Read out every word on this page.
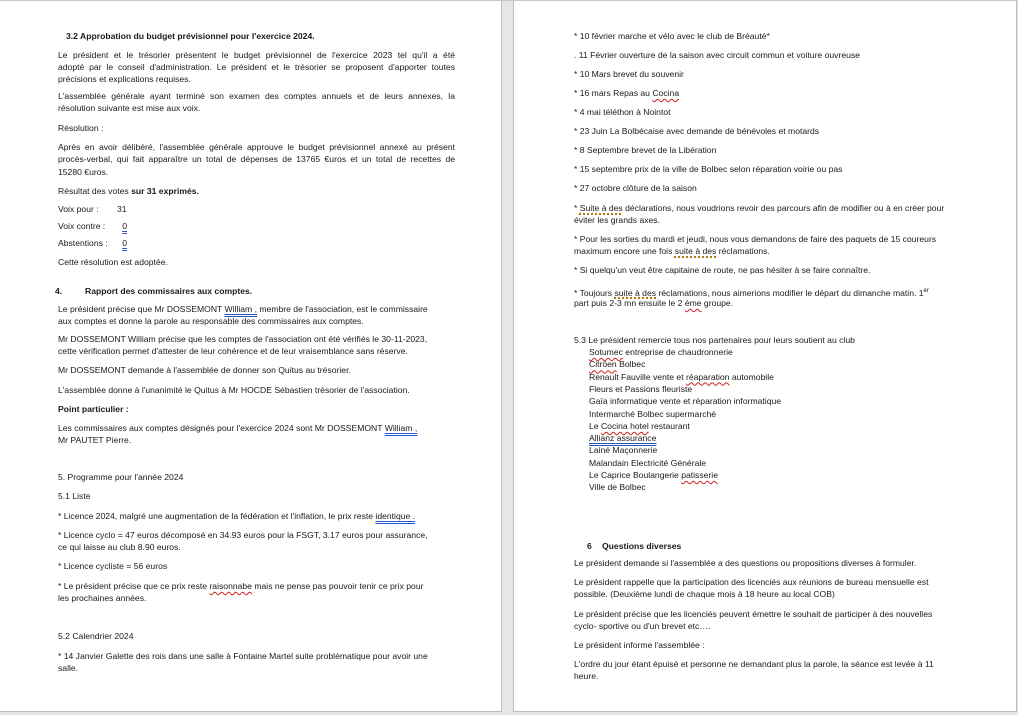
3.2 Approbation du budget prévisionnel pour l'exercice 2024.
Le président et le trésorier présentent le budget prévisionnel de l'exercice 2023 tel qu'il a été
adopté par le conseil d'administration. Le président et le trésorier se proposent d'apporter toutes
précisions et explications requises.
L'assemblée générale ayant terminé son examen des comptes annuels et de leurs annexes, la
résolution suivante est mise aux voix.
Résolution :
Après en avoir délibéré, l'assemblée générale approuve le budget prévisionnel annexé au présent
procès-verbal, qui fait apparaître un total de dépenses de 13765 €uros et un total de recettes de
15280 €uros.
Résultat des votes sur 31 exprimés.
Voix pour : 31
Voix contre :	0
Abstentions :	0
Cette résolution est adoptée.
4.	Rapport des commissaires aux comptes.
Le président précise que Mr DOSSEMONT William , membre de l'association, est le commissaire
aux comptes et donne la parole au responsable des commissaires aux comptes.
Mr DOSSEMONT William précise que les comptes de l'association ont été vérifiés le 30-11-2023,
cette vérification permet d'attester de leur cohérence et de leur vraisemblance sans réserve.
Mr DOSSEMONT demande à l'assemblée de donner son Quitus au trésorier.
L'assemblée donne à l'unanimité le Quitus à Mr HOCDE Sébastien trésorier de l'association.
Point particulier :
Les commissaires aux comptes désignés pour l'exercice 2024 sont Mr DOSSEMONT William ,
Mr PAUTET Pierre.
5. Programme pour l'année 2024
5.1 Liste
* Licence 2024, malgré une augmentation de la fédération et l'inflation, le prix reste identique .
* Licence cyclo = 47 euros décomposé en 34.93 euros pour la FSGT, 3.17 euros pour assurance,
ce qui laisse au club 8.90 euros.
* Licence cycliste = 56 euros
* Le président précise que ce prix reste raisonnabe mais ne pense pas pouvoir tenir ce prix pour
les prochaines années.
5.2 Calendrier 2024
* 14 Janvier Galette des rois dans une salle à Fontaine Martel suite problématique pour avoir une
salle.
* 10 février marche et vélo avec le club de Bréauté*
. 11 Février ouverture de la saison avec circuit commun et voiture ouvreuse
* 10 Mars brevet du souvenir
* 16 mars Repas au Cocina
* 4 mai téléthon à Nointot
* 23 Juin La Bolbécaise avec demande de bénévoles et motards
* 8 Septembre brevet de la Libération
* 15 septembre prix de la ville de Bolbec selon réparation voirie ou pas
* 27 octobre clôture de la saison
* Suite à des déclarations, nous voudrions revoir des parcours afin de modifier ou à en créer pour
éviter les grands axes.
* Pour les sorties du mardi et jeudi, nous vous demandons de faire des paquets de 15 coureurs
maximum encore une fois suite à des réclamations.
* Si quelqu'un veut être capitaine de route, ne pas hésiter à se faire connaître.
* Toujours suite à des réclamations, nous aimerions modifier le départ du dimanche matin. 1er
part puis 2-3 mn ensuite le 2 ème groupe.
5.3 Le président remercie tous nos partenaires pour leurs soutient au club
Sotumec entreprise de chaudronnerie
Citröen Bolbec
Renault Fauville vente et réaparation automobile
Fleurs et Passions fleuriste
Gaïa informatique vente et réparation informatique
Intermarché Bolbec supermarché
Le Cocina hotel restaurant
Allianz assurance
Lainé Maçonnerie
Malandain Electricité Générale
Le Caprice Boulangerie patisserie
Ville de Bolbec
6 Questions diverses
Le président demande si l'assemblée a des questions ou propositions diverses à formuler.
Le président rappelle que la participation des licenciés aux réunions de bureau mensuelle est
possible. (Deuxième lundi de chaque mois à 18 heure au local COB)
Le président précise que les licenciés peuvent émettre le souhait de participer à des nouvelles
cyclo- sportive ou d'un brevet etc….
Le président informe l'assemblée :
L'ordre du jour étant épuisé et personne ne demandant plus la parole, la séance est levée à 11
heure.
